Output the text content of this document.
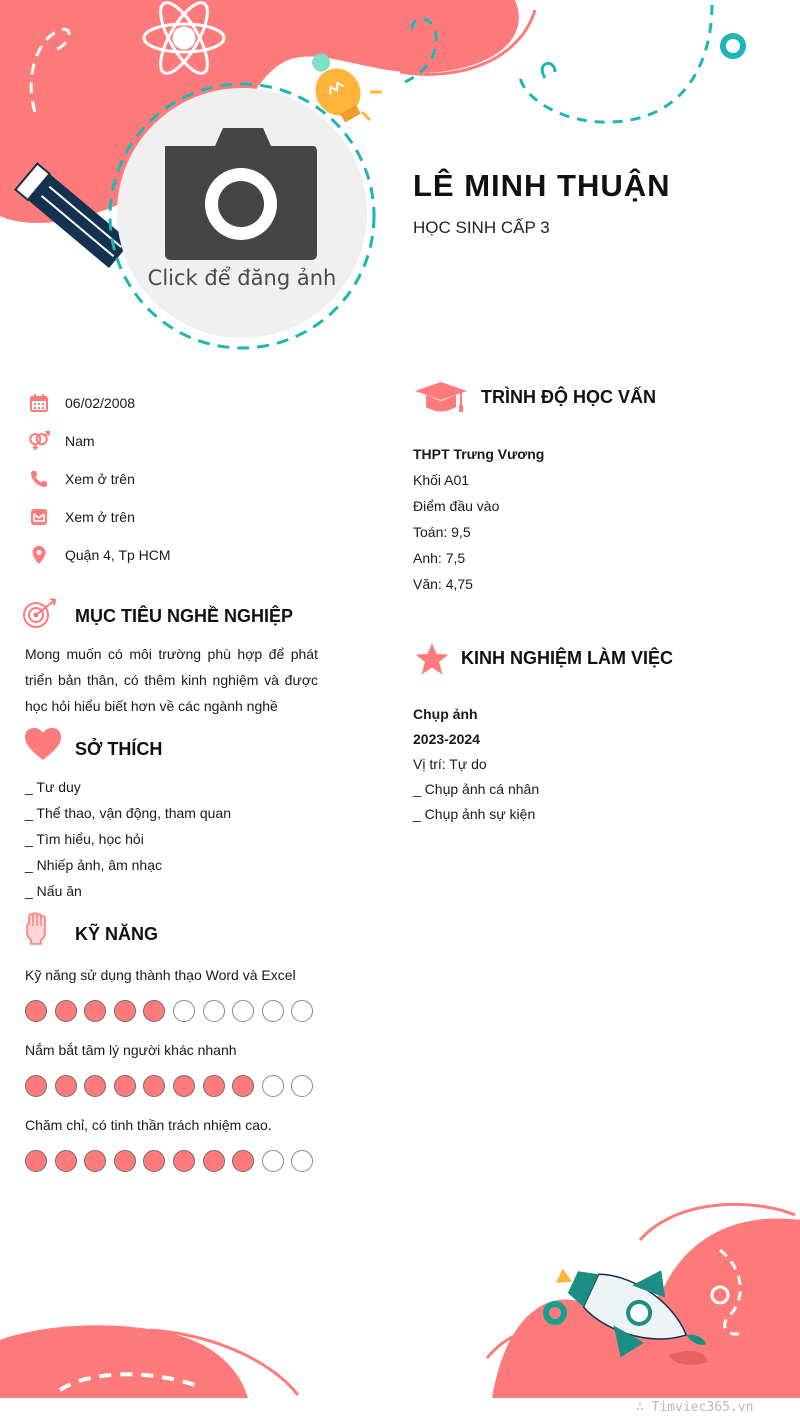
Click để đăng ảnh
LÊ MINH THUẬN
HỌC SINH CẤP 3
06/02/2008
Nam
Xem ở trên
Xem ở trên
Quận 4, Tp HCM
MỤC TIÊU NGHỀ NGHIỆP
Mong muốn có môi trường phù hợp để phát triển bản thân, có thêm kinh nghiệm và được học hỏi hiểu biết hơn về các ngành nghề
SỞ THÍCH
_ Tư duy
_ Thể thao, vận động, tham quan
_ Tìm hiểu, học hỏi
_ Nhiếp ảnh, âm nhạc
_ Nấu ăn
KỸ NĂNG
Kỹ năng sử dụng thành thạo Word và Excel
Nắm bắt tâm lý người khác nhanh
Chăm chỉ, có tinh thần trách nhiệm cao.
TRÌNH ĐỘ HỌC VẤN
THPT Trưng Vương
Khối A01
Điểm đầu vào
Toán: 9,5
Anh: 7,5
Văn: 4,75
KINH NGHIỆM LÀM VIỆC
Chụp ảnh
2023-2024
Vị trí: Tự do
_ Chụp ảnh cá nhân
_ Chụp ảnh sự kiện
∴ Timviec365.vn
